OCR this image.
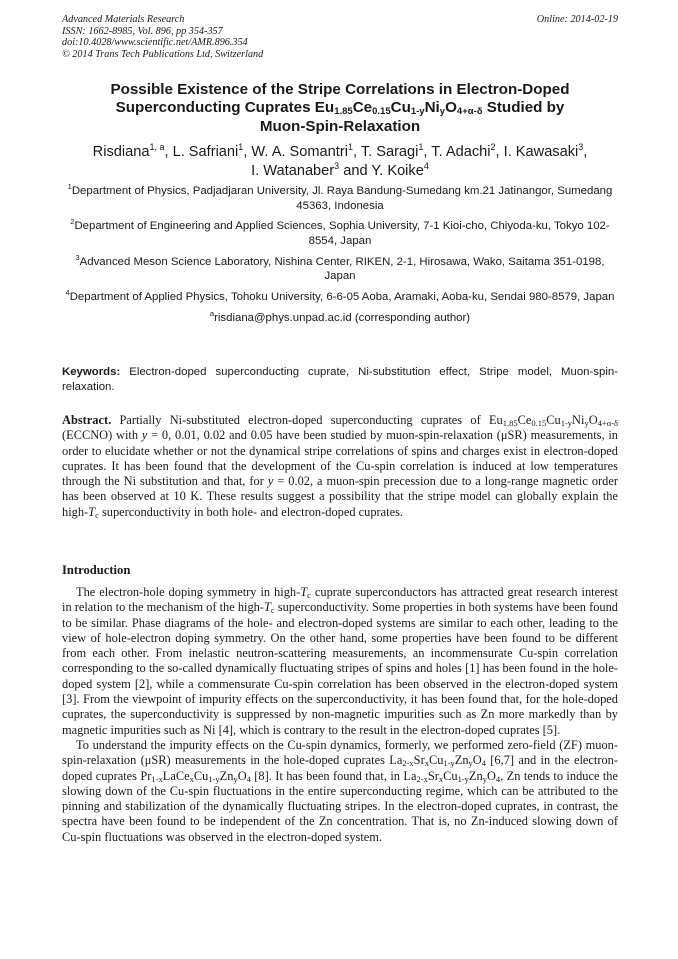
Advanced Materials Research
ISSN: 1662-8985, Vol. 896, pp 354-357
doi:10.4028/www.scientific.net/AMR.896.354
© 2014 Trans Tech Publications Ltd, Switzerland
Online: 2014-02-19
Possible Existence of the Stripe Correlations in Electron-Doped
Superconducting Cuprates $Eu_{1.85}Ce_{0.15}Cu_{1-y}Ni_yO_{4+\alpha-\delta}$ Studied by
Muon-Spin-Relaxation
Risdiana$^{1, a}$, L. Safriani$^1$, W. A. Somantri$^1$, T. Saragi$^1$, T. Adachi$^2$, I. Kawasaki$^3$,
I. Watanaber$^3$ and Y. Koike$^4$

$^1$Department of Physics, Padjadjaran University, Jl. Raya Bandung-Sumedang km.21 Jatinangor, Sumedang 45363, Indonesia

$^2$Department of Engineering and Applied Sciences, Sophia University, 7-1 Kioi-cho, Chiyoda-ku, Tokyo 102-8554, Japan

$^3$Advanced Meson Science Laboratory, Nishina Center, RIKEN, 2-1, Hirosawa, Wako, Saitama 351-0198, Japan

$^4$Department of Applied Physics, Tohoku University, 6-6-05 Aoba, Aramaki, Aoba-ku, Sendai 980-8579, Japan

$^a$risdiana@phys.unpad.ac.id (corresponding author)

Keywords: Electron-doped superconducting cuprate, Ni-substitution effect, Stripe model, Muon-spin-relaxation.

Abstract. Partially Ni-substituted electron-doped superconducting cuprates of $Eu_{1.85}Ce_{0.15}Cu_{1-y}Ni_yO_{4+\alpha-\delta}$ (ECCNO) with y = 0, 0.01, 0.02 and 0.05 have been studied by muon-spin-relaxation (μSR) measurements, in order to elucidate whether or not the dynamical stripe correlations of spins and charges exist in electron-doped cuprates. It has been found that the development of the Cu-spin correlation is induced at low temperatures through the Ni substitution and that, for y = 0.02, a muon-spin precession due to a long-range magnetic order has been observed at 10 K. These results suggest a possibility that the stripe model can globally explain the high-$T_c$ superconductivity in both hole- and electron-doped cuprates.

Introduction

The electron-hole doping symmetry in high-$T_c$ cuprate superconductors has attracted great research interest in relation to the mechanism of the high-$T_c$ superconductivity. Some properties in both systems have been found to be similar. Phase diagrams of the hole- and electron-doped systems are similar to each other, leading to the view of hole-electron doping symmetry. On the other hand, some properties have been found to be different from each other. From inelastic neutron-scattering measurements, an incommensurate Cu-spin correlation corresponding to the so-called dynamically fluctuating stripes of spins and holes [1] has been found in the hole-doped system [2], while a commensurate Cu-spin correlation has been observed in the electron-doped system [3]. From the viewpoint of impurity effects on the superconductivity, it has been found that, for the hole-doped cuprates, the superconductivity is suppressed by non-magnetic impurities such as Zn more markedly than by magnetic impurities such as Ni [4], which is contrary to the result in the electron-doped cuprates [5].

To understand the impurity effects on the Cu-spin dynamics, formerly, we performed zero-field (ZF) muon-spin-relaxation (μSR) measurements in the hole-doped cuprates $La_{2-x}Sr_xCu_{1-y}Zn_yO_4$ [6,7] and in the electron-doped cuprates $Pr_{1-x}LaCe_xCu_{1-y}Zn_yO_4$ [8]. It has been found that, in $La_{2-x}Sr_xCu_{1-y}Zn_yO_4$, Zn tends to induce the slowing down of the Cu-spin fluctuations in the entire superconducting regime, which can be attributed to the pinning and stabilization of the dynamically fluctuating stripes. In the electron-doped cuprates, in contrast, the spectra have been found to be independent of the Zn concentration. That is, no Zn-induced slowing down of Cu-spin fluctuations was observed in the electron-doped system.
